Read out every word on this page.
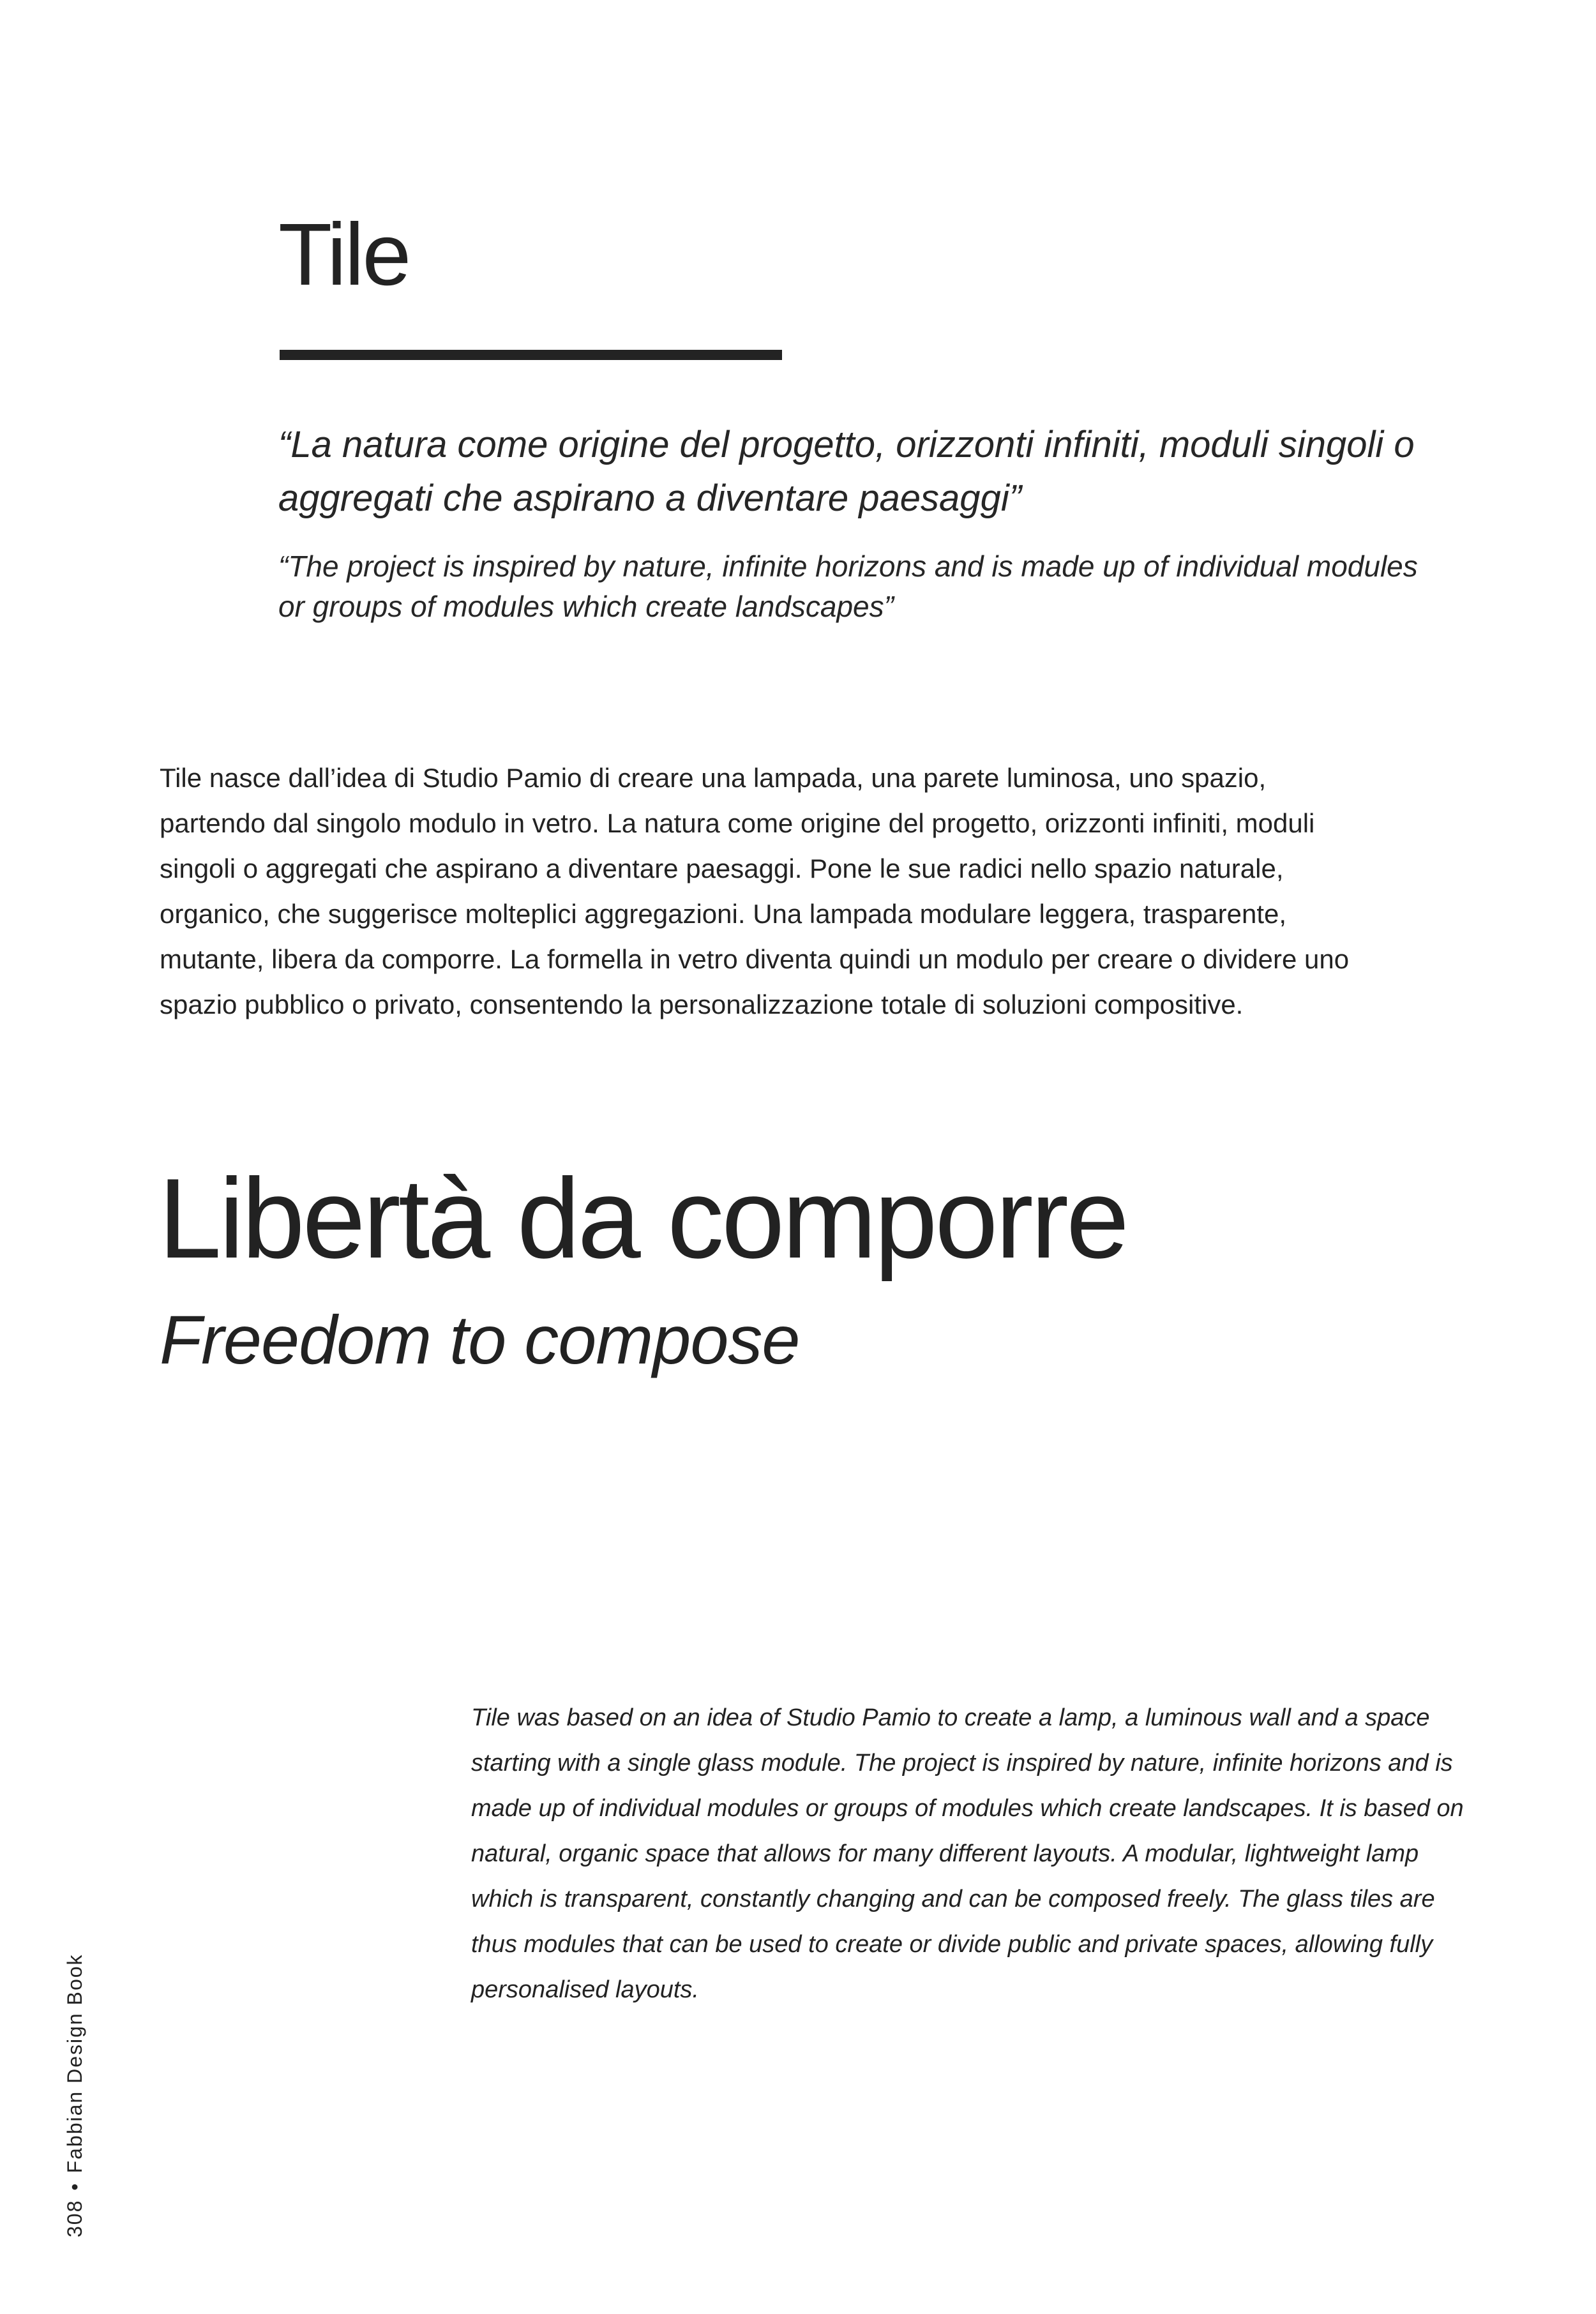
Tile

“La natura come origine del progetto, orizzonti infiniti, moduli singoli o aggregati che aspirano a diventare paesaggi”

“The project is inspired by nature, infinite horizons and is made up of individual modules or groups of modules which create landscapes”

Tile nasce dall’idea di Studio Pamio di creare una lampada, una parete luminosa, uno spazio, partendo dal singolo modulo in vetro. La natura come origine del progetto, orizzonti infiniti, moduli singoli o aggregati che aspirano a diventare paesaggi. Pone le sue radici nello spazio naturale, organico, che suggerisce molteplici aggregazioni. Una lampada modulare leggera, trasparente, mutante, libera da comporre. La formella in vetro diventa quindi un modulo per creare o dividere uno spazio pubblico o privato, consentendo la personalizzazione totale di soluzioni compositive.

Libertà da comporre
Freedom to compose

Tile was based on an idea of Studio Pamio to create a lamp, a luminous wall and a space starting with a single glass module. The project is inspired by nature, infinite horizons and is made up of individual modules or groups of modules which create landscapes. It is based on natural, organic space that allows for many different layouts. A modular, lightweight lamp which is transparent, constantly changing and can be composed freely. The glass tiles are thus modules that can be used to create or divide public and private spaces, allowing fully personalised layouts.

308•Fabbian Design Book
